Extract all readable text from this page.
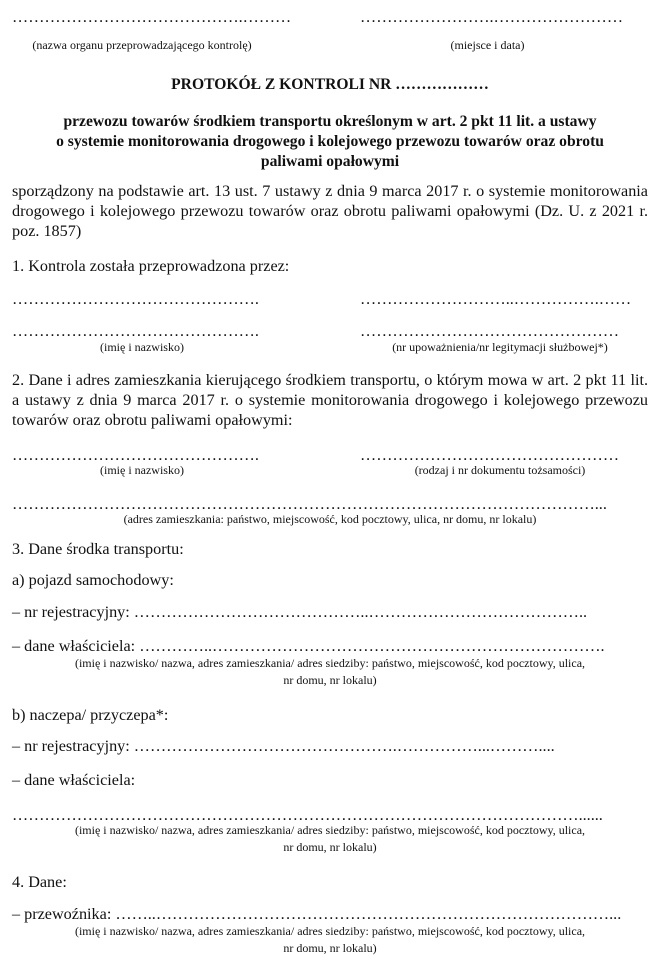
…………………………………….………
(nazwa organu przeprowadzającego kontrolę)
…………………….……………………
(miejsce i data)
PROTOKÓŁ Z KONTROLI NR ………………
przewozu towarów środkiem transportu określonym w art. 2 pkt 11 lit. a ustawy
o systemie monitorowania drogowego i kolejowego przewozu towarów oraz obrotu
paliwami opałowymi
sporządzony na podstawie art. 13 ust. 7 ustawy z dnia 9 marca 2017 r. o systemie monitorowania drogowego i kolejowego przewozu towarów oraz obrotu paliwami opałowymi (Dz. U. z 2021 r. poz. 1857)
1. Kontrola została przeprowadzona przez:
……………………………………….	………………………..…………….……
……………………………………….	…………………………………………
(imię i nazwisko)	(nr upoważnienia/nr legitymacji służbowej*)
2. Dane i adres zamieszkania kierującego środkiem transportu, o którym mowa w art. 2 pkt 11 lit. a ustawy z dnia 9 marca 2017 r. o systemie monitorowania drogowego i kolejowego przewozu towarów oraz obrotu paliwami opałowymi:
……………………………………….	…………………………………………
(imię i nazwisko)	(rodzaj i nr dokumentu tożsamości)
………………………………………………………………………………………………...
(adres zamieszkania: państwo, miejscowość, kod pocztowy, ulica, nr domu, nr lokalu)
3. Dane środka transportu:
a) pojazd samochodowy:
– nr rejestracyjny: ……………………………………..…………………………………..
– dane właściciela: …………..……………………………………………………………….
(imię i nazwisko/ nazwa, adres zamieszkania/ adres siedziby: państwo, miejscowość, kod pocztowy, ulica,
nr domu, nr lokalu)
b) naczepa/ przyczepa*:
– nr rejestracyjny: ………………………………………….……………...………....
– dane właściciela:
……………………………………………………………………………………………......
(imię i nazwisko/ nazwa, adres zamieszkania/ adres siedziby: państwo, miejscowość, kod pocztowy, ulica,
nr domu, nr lokalu)
4. Dane:
– przewoźnika: ……..…………………………………………………………………………...
(imię i nazwisko/ nazwa, adres zamieszkania/ adres siedziby: państwo, miejscowość, kod pocztowy, ulica,
nr domu, nr lokalu)
